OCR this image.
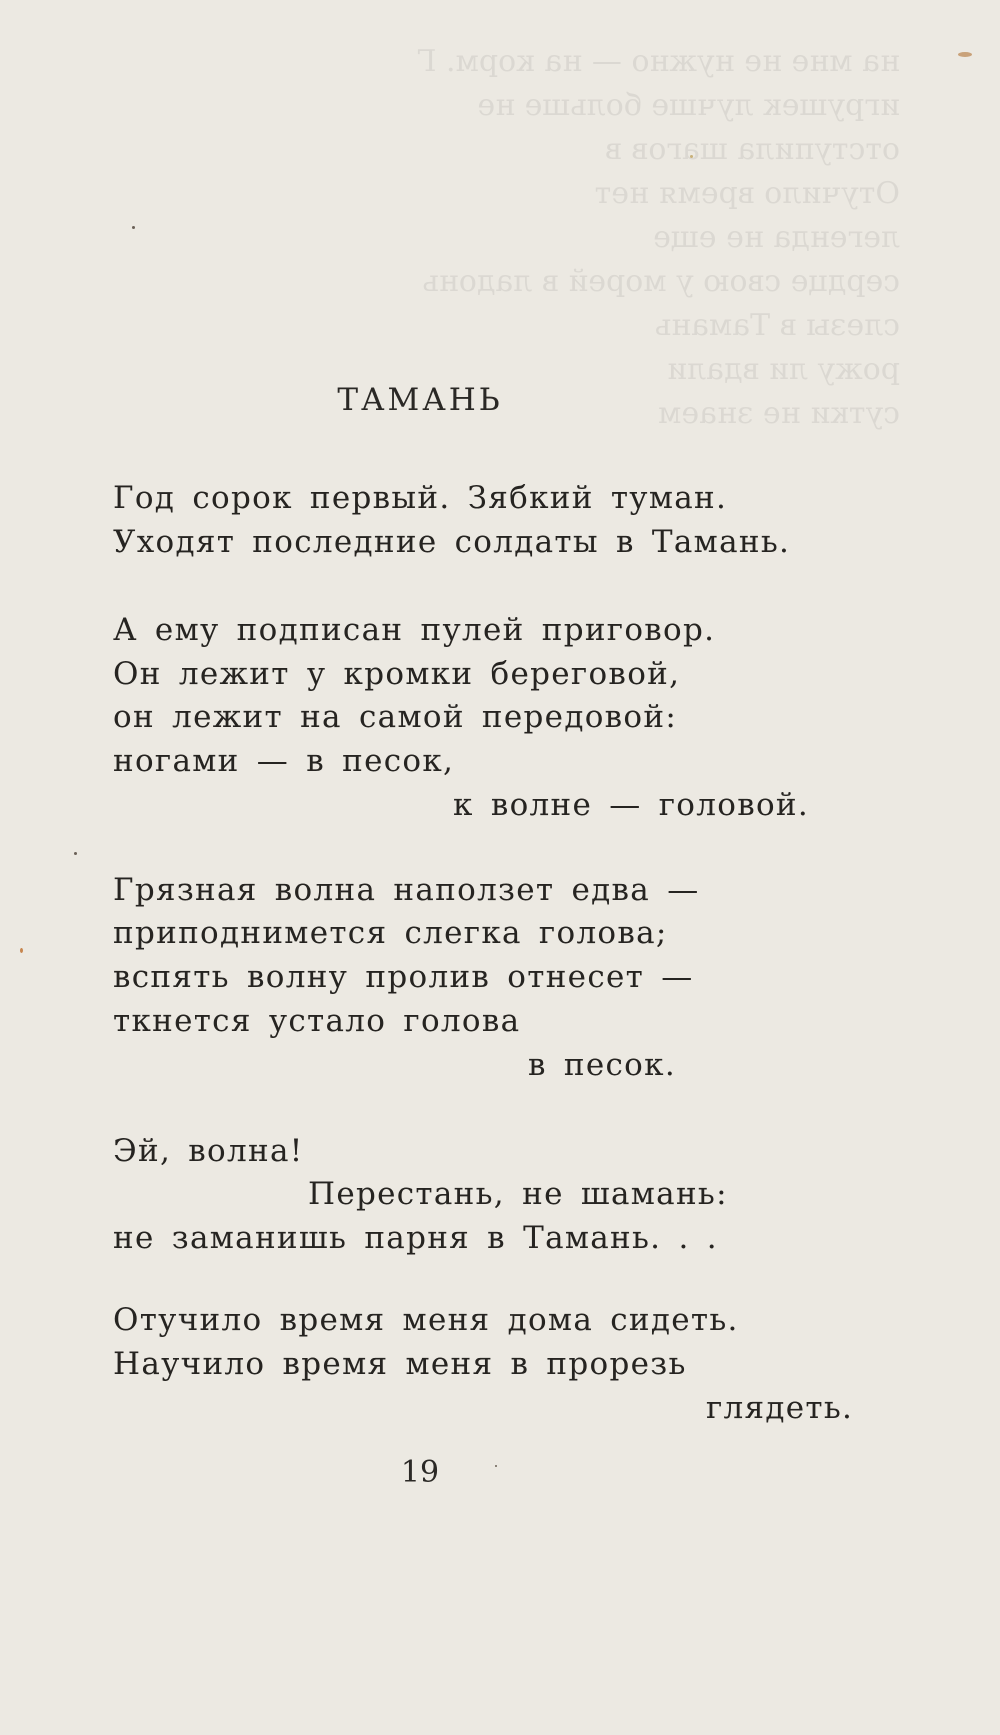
на мне не нужно — на корм. Г
игрушек лучше больше не
отступила шагов в
Отучило время нет
легенда не еще
сердце свою у морей в ладонь
слезы в Тамань
рожу ли вдали
сутки не знаем
ТАМАНЬ
Год сорок первый. Зябкий туман.
Уходят последние солдаты в Тамань.
А ему подписан пулей приговор.
Он лежит у кромки береговой,
он лежит на самой передовой:
ногами — в песок,
к волне — головой.
Грязная волна наползет едва —
приподнимется слегка голова;
вспять волну пролив отнесет —
ткнется устало голова
в песок.
Эй, волна!
Перестань, не шамань:
не заманишь парня в Тамань. . .
Отучило время меня дома сидеть.
Научило время меня в прорезь
глядеть.
19
